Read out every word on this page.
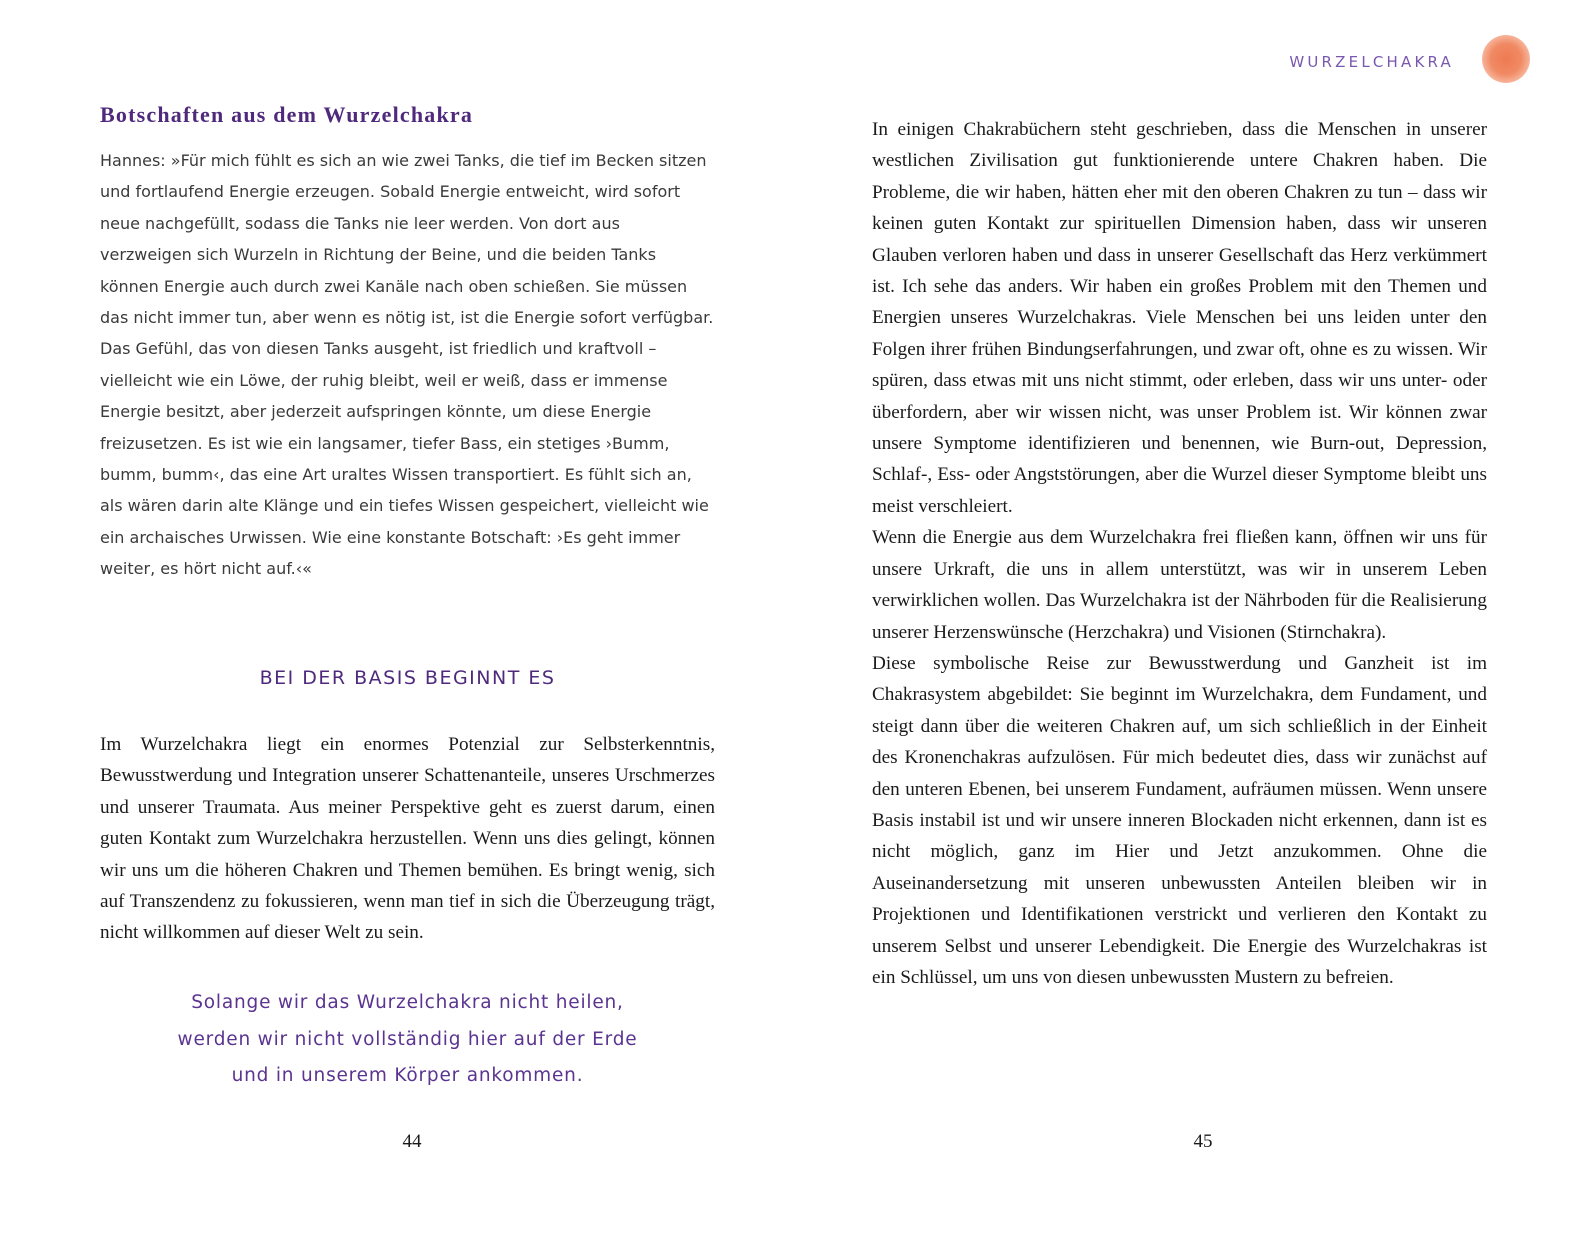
Botschaften aus dem Wurzelchakra

Hannes: »Für mich fühlt es sich an wie zwei Tanks, die tief im Becken sitzen und fortlaufend Energie erzeugen. Sobald Energie entweicht, wird sofort neue nachgefüllt, sodass die Tanks nie leer werden. Von dort aus verzweigen sich Wurzeln in Richtung der Beine, und die beiden Tanks können Energie auch durch zwei Kanäle nach oben schießen. Sie müssen das nicht immer tun, aber wenn es nötig ist, ist die Energie sofort verfügbar.

Das Gefühl, das von diesen Tanks ausgeht, ist friedlich und kraftvoll – vielleicht wie ein Löwe, der ruhig bleibt, weil er weiß, dass er immense Energie besitzt, aber jederzeit aufspringen könnte, um diese Energie freizusetzen. Es ist wie ein langsamer, tiefer Bass, ein stetiges ›Bumm, bumm, bumm‹, das eine Art uraltes Wissen transportiert. Es fühlt sich an, als wären darin alte Klänge und ein tiefes Wissen gespeichert, vielleicht wie ein archaisches Urwissen. Wie eine konstante Botschaft: ›Es geht immer weiter, es hört nicht auf.‹«

BEI DER BASIS BEGINNT ES

Im Wurzelchakra liegt ein enormes Potenzial zur Selbsterkenntnis, Bewusstwerdung und Integration unserer Schattenanteile, unseres Urschmerzes und unserer Traumata. Aus meiner Perspektive geht es zuerst darum, einen guten Kontakt zum Wurzelchakra herzustellen. Wenn uns dies gelingt, können wir uns um die höheren Chakren und Themen bemühen. Es bringt wenig, sich auf Transzendenz zu fokussieren, wenn man tief in sich die Überzeugung trägt, nicht willkommen auf dieser Welt zu sein.

Solange wir das Wurzelchakra nicht heilen,
werden wir nicht vollständig hier auf der Erde
und in unserem Körper ankommen.
44
WURZELCHAKRA

In einigen Chakrabüchern steht geschrieben, dass die Menschen in unserer westlichen Zivilisation gut funktionierende untere Chakren haben. Die Probleme, die wir haben, hätten eher mit den oberen Chakren zu tun – dass wir keinen guten Kontakt zur spirituellen Dimension haben, dass wir unseren Glauben verloren haben und dass in unserer Gesellschaft das Herz verkümmert ist. Ich sehe das anders. Wir haben ein großes Problem mit den Themen und Energien unseres Wurzelchakras. Viele Menschen bei uns leiden unter den Folgen ihrer frühen Bindungserfahrungen, und zwar oft, ohne es zu wissen. Wir spüren, dass etwas mit uns nicht stimmt, oder erleben, dass wir uns unter- oder überfordern, aber wir wissen nicht, was unser Problem ist. Wir können zwar unsere Symptome identifizieren und benennen, wie Burn-out, Depression, Schlaf-, Ess- oder Angststörungen, aber die Wurzel dieser Symptome bleibt uns meist verschleiert.

Wenn die Energie aus dem Wurzelchakra frei fließen kann, öffnen wir uns für unsere Urkraft, die uns in allem unterstützt, was wir in unserem Leben verwirklichen wollen. Das Wurzelchakra ist der Nährboden für die Realisierung unserer Herzenswünsche (Herzchakra) und Visionen (Stirnchakra).

Diese symbolische Reise zur Bewusstwerdung und Ganzheit ist im Chakrasystem abgebildet: Sie beginnt im Wurzelchakra, dem Fundament, und steigt dann über die weiteren Chakren auf, um sich schließlich in der Einheit des Kronenchakras aufzulösen. Für mich bedeutet dies, dass wir zunächst auf den unteren Ebenen, bei unserem Fundament, aufräumen müssen. Wenn unsere Basis instabil ist und wir unsere inneren Blockaden nicht erkennen, dann ist es nicht möglich, ganz im Hier und Jetzt anzukommen. Ohne die Auseinandersetzung mit unseren unbewussten Anteilen bleiben wir in Projektionen und Identifikationen verstrickt und verlieren den Kontakt zu unserem Selbst und unserer Lebendigkeit. Die Energie des Wurzelchakras ist ein Schlüssel, um uns von diesen unbewussten Mustern zu befreien.

45
